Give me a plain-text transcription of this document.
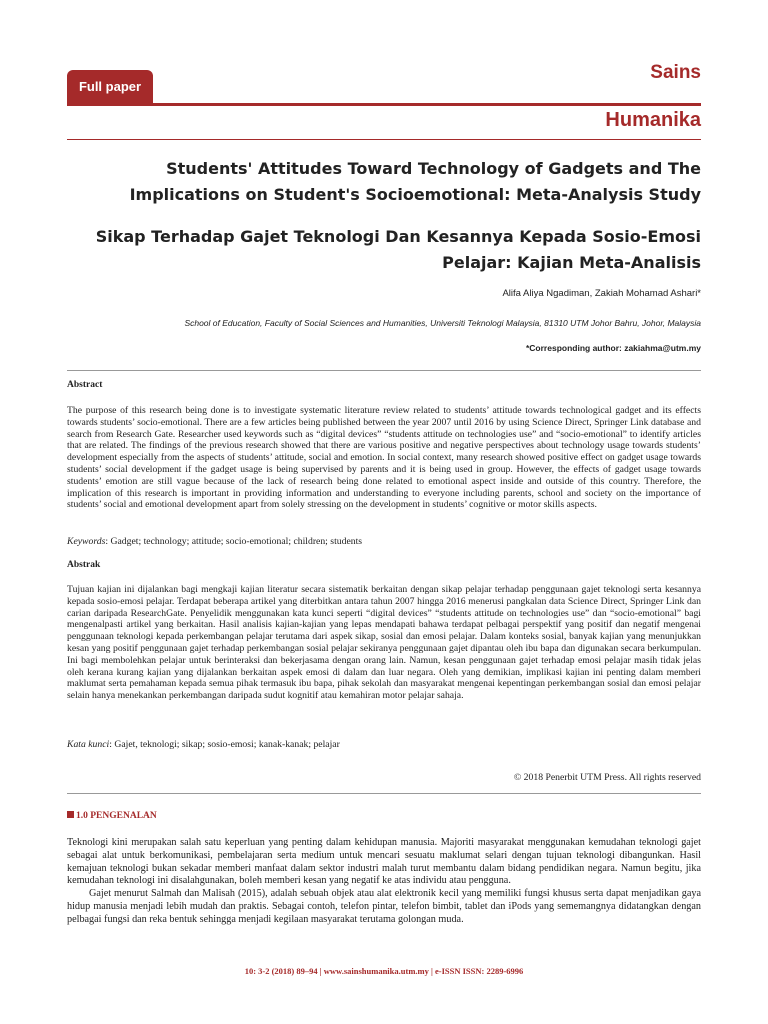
Full paper
Sains
Humanika
Students' Attitudes Toward Technology of Gadgets and The Implications on Student's Socioemotional: Meta-Analysis Study
Sikap Terhadap Gajet Teknologi Dan Kesannya Kepada Sosio-Emosi Pelajar: Kajian Meta-Analisis
Alifa Aliya Ngadiman, Zakiah Mohamad Ashari*
School of Education, Faculty of Social Sciences and Humanities, Universiti Teknologi Malaysia, 81310 UTM Johor Bahru, Johor, Malaysia
*Corresponding author: zakiahma@utm.my
Abstract
The purpose of this research being done is to investigate systematic literature review related to students’ attitude towards technological gadget and its effects towards students’ socio-emotional. There are a few articles being published between the year 2007 until 2016 by using Science Direct, Springer Link database and search from Research Gate. Researcher used keywords such as “digital devices” “students attitude on technologies use” and “socio-emotional” to identify articles that are related. The findings of the previous research showed that there are various positive and negative perspectives about technology usage towards students’ development especially from the aspects of students’ attitude, social and emotion. In social context, many research showed positive effect on gadget usage towards students’ social development if the gadget usage is being supervised by parents and it is being used in group. However, the effects of gadget usage towards students’ emotion are still vague because of the lack of research being done related to emotional aspect inside and outside of this country. Therefore, the implication of this research is important in providing information and understanding to everyone including parents, school and society on the importance of students’ social and emotional development apart from solely stressing on the development in students’ cognitive or motor skills aspects.
Keywords: Gadget; technology; attitude; socio-emotional; children; students
Abstrak
Tujuan kajian ini dijalankan bagi mengkaji kajian literatur secara sistematik berkaitan dengan sikap pelajar terhadap penggunaan gajet teknologi serta kesannya kepada sosio-emosi pelajar. Terdapat beberapa artikel yang diterbitkan antara tahun 2007 hingga 2016 menerusi pangkalan data Science Direct, Springer Link dan carian daripada ResearchGate. Penyelidik menggunakan kata kunci seperti “digital devices” “students attitude on technologies use” dan “socio-emotional” bagi mengenalpasti artikel yang berkaitan. Hasil analisis kajian-kajian yang lepas mendapati bahawa terdapat pelbagai perspektif yang positif dan negatif mengenai penggunaan teknologi kepada perkembangan pelajar terutama dari aspek sikap, sosial dan emosi pelajar. Dalam konteks sosial, banyak kajian yang menunjukkan kesan yang positif penggunaan gajet terhadap perkembangan sosial pelajar sekiranya penggunaan gajet dipantau oleh ibu bapa dan digunakan secara berkumpulan. Ini bagi membolehkan pelajar untuk berinteraksi dan bekerjasama dengan orang lain. Namun, kesan penggunaan gajet terhadap emosi pelajar masih tidak jelas oleh kerana kurang kajian yang dijalankan berkaitan aspek emosi di dalam dan luar negara. Oleh yang demikian, implikasi kajian ini penting dalam memberi maklumat serta pemahaman kepada semua pihak termasuk ibu bapa, pihak sekolah dan masyarakat mengenai kepentingan perkembangan sosial dan emosi pelajar selain hanya menekankan perkembangan daripada sudut kognitif atau kemahiran motor pelajar sahaja.
Kata kunci: Gajet, teknologi; sikap; sosio-emosi; kanak-kanak; pelajar
© 2018 Penerbit UTM Press. All rights reserved
1.0 PENGENALAN

Teknologi kini merupakan salah satu keperluan yang penting dalam kehidupan manusia. Majoriti masyarakat menggunakan kemudahan teknologi gajet sebagai alat untuk berkomunikasi, pembelajaran serta medium untuk mencari sesuatu maklumat selari dengan tujuan teknologi dibangunkan. Hasil kemajuan teknologi bukan sekadar memberi manfaat dalam sektor industri malah turut membantu dalam bidang pendidikan negara. Namun begitu, jika kemudahan teknologi ini disalahgunakan, boleh memberi kesan yang negatif ke atas individu atau pengguna.

Gajet menurut Salmah dan Malisah (2015), adalah sebuah objek atau alat elektronik kecil yang memiliki fungsi khusus serta dapat menjadikan gaya hidup manusia menjadi lebih mudah dan praktis. Sebagai contoh, telefon pintar, telefon bimbit, tablet dan iPods yang sememangnya didatangkan dengan pelbagai fungsi dan reka bentuk sehingga menjadi kegilaan masyarakat terutama golongan muda.

10: 3-2 (2018) 89–94 | www.sainshumanika.utm.my | e-ISSN ISSN: 2289-6996
